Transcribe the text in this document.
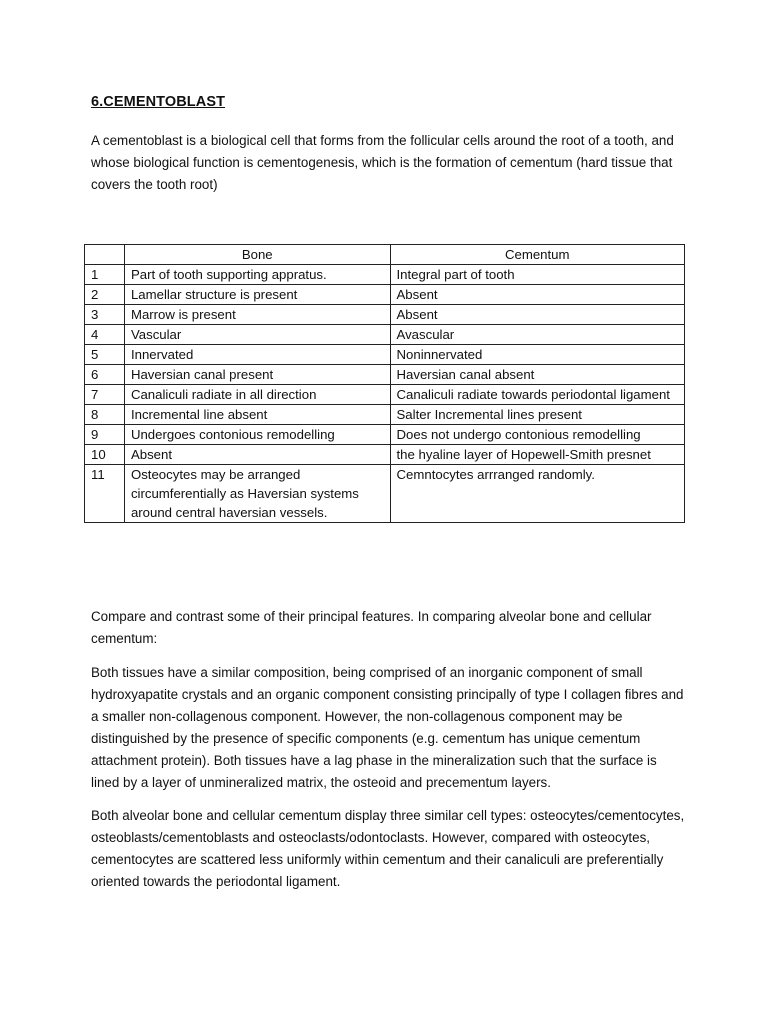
6.CEMENTOBLAST

A cementoblast is a biological cell that forms from the follicular cells around the root of a tooth, and whose biological function is cementogenesis, which is the formation of cementum (hard tissue that covers the tooth root)

	Bone	Cementum
1	Part of tooth supporting appratus.	Integral part of tooth
2	Lamellar structure is present	Absent
3	Marrow is present	Absent
4	Vascular	Avascular
5	Innervated	Noninnervated
6	Haversian canal present	Haversian canal absent
7	Canaliculi radiate in all direction	Canaliculi radiate towards periodontal ligament
8	Incremental line absent	Salter Incremental lines present
9	Undergoes contonious remodelling	Does not undergo contonious remodelling
10	Absent	the hyaline layer of Hopewell-Smith presnet
11	Osteocytes may be arranged circumferentially as Haversian systems around central haversian vessels.	Cemntocytes arrranged randomly.

Compare and contrast some of their principal features. In comparing alveolar bone and cellular cementum:

Both tissues have a similar composition, being comprised of an inorganic component of small hydroxyapatite crystals and an organic component consisting principally of type I collagen fibres and a smaller non-collagenous component. However, the non-collagenous component may be distinguished by the presence of specific components (e.g. cementum has unique cementum attachment protein). Both tissues have a lag phase in the mineralization such that the surface is lined by a layer of unmineralized matrix, the osteoid and precementum layers.

Both alveolar bone and cellular cementum display three similar cell types: osteocytes/cementocytes, osteoblasts/cementoblasts and osteoclasts/odontoclasts. However, compared with osteocytes, cementocytes are scattered less uniformly within cementum and their canaliculi are preferentially oriented towards the periodontal ligament.
